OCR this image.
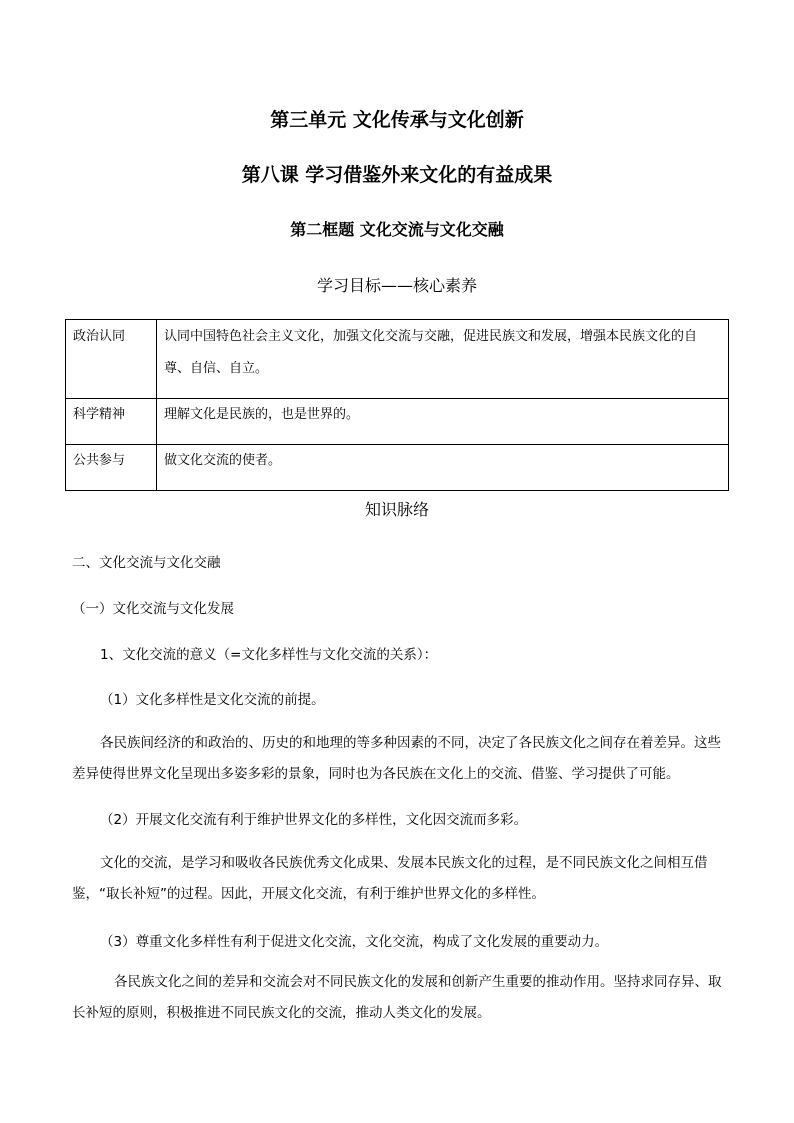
第三单元 文化传承与文化创新
第八课 学习借鉴外来文化的有益成果
第二框题 文化交流与文化交融
学习目标——核心素养
政治认同	认同中国特色社会主义文化，加强文化交流与交融，促进民族文和发展，增强本民族文化的自尊、自信、自立。
科学精神	理解文化是民族的，也是世界的。
公共参与	做文化交流的使者。
知识脉络
二、文化交流与文化交融
（一）文化交流与文化发展
1、文化交流的意义（=文化多样性与文化交流的关系）：
（1）文化多样性是文化交流的前提。
各民族间经济的和政治的、历史的和地理的等多种因素的不同，决定了各民族文化之间存在着差异。这些差异使得世界文化呈现出多姿多彩的景象，同时也为各民族在文化上的交流、借鉴、学习提供了可能。
（2）开展文化交流有利于维护世界文化的多样性，文化因交流而多彩。
文化的交流，是学习和吸收各民族优秀文化成果、发展本民族文化的过程，是不同民族文化之间相互借鉴，“取长补短”的过程。因此，开展文化交流，有利于维护世界文化的多样性。
（3）尊重文化多样性有利于促进文化交流，文化交流，构成了文化发展的重要动力。
各民族文化之间的差异和交流会对不同民族文化的发展和创新产生重要的推动作用。坚持求同存异、取长补短的原则，积极推进不同民族文化的交流，推动人类文化的发展。
